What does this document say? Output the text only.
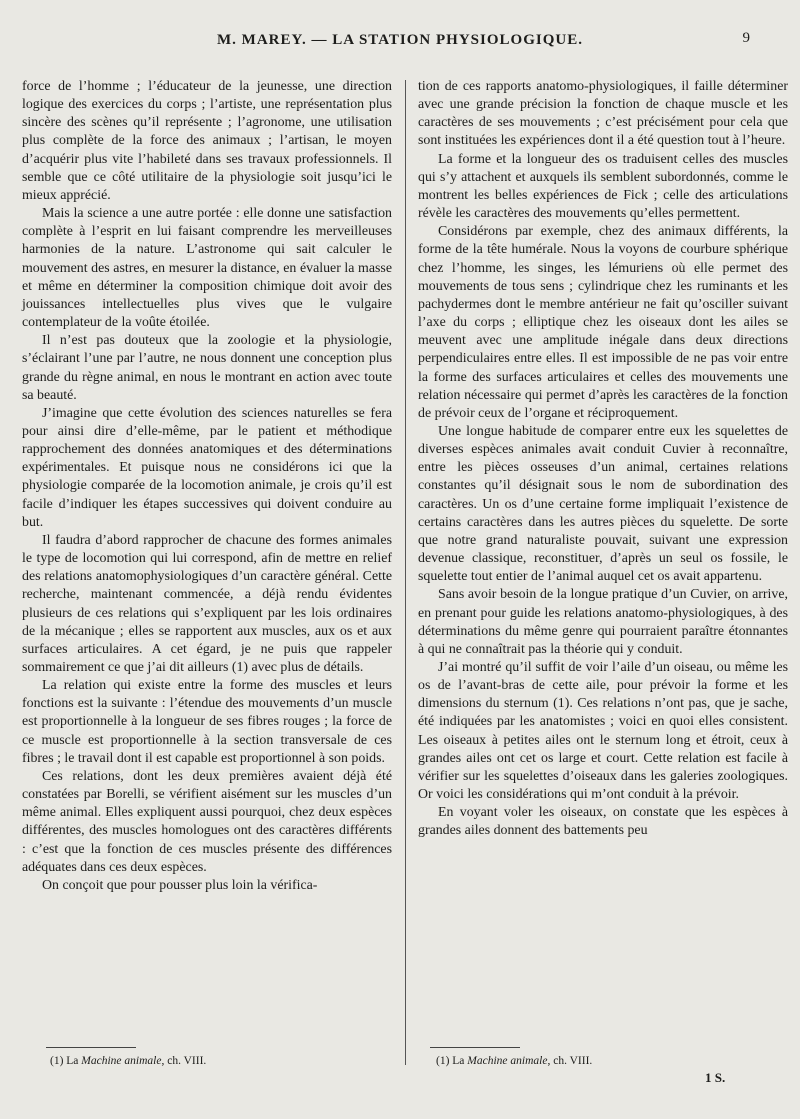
M. MAREY. — LA STATION PHYSIOLOGIQUE.	9

force de l’homme ; l’éducateur de la jeunesse, une direction logique des exercices du corps ; l’artiste, une représentation plus sincère des scènes qu’il représente ; l’agronome, une utilisation plus complète de la force des animaux ; l’artisan, le moyen d’acquérir plus vite l’habileté dans ses travaux professionnels. Il semble que ce côté utilitaire de la physiologie soit jusqu’ici le mieux apprécié.

Mais la science a une autre portée : elle donne une satisfaction complète à l’esprit en lui faisant comprendre les merveilleuses harmonies de la nature. L’astronome qui sait calculer le mouvement des astres, en mesurer la distance, en évaluer la masse et même en déterminer la composition chimique doit avoir des jouissances intellectuelles plus vives que le vulgaire contemplateur de la voûte étoilée.

Il n’est pas douteux que la zoologie et la physiologie, s’éclairant l’une par l’autre, ne nous donnent une conception plus grande du règne animal, en nous le montrant en action avec toute sa beauté.

J’imagine que cette évolution des sciences naturelles se fera pour ainsi dire d’elle-même, par le patient et méthodique rapprochement des données anatomiques et des déterminations expérimentales. Et puisque nous ne considérons ici que la physiologie comparée de la locomotion animale, je crois qu’il est facile d’indiquer les étapes successives qui doivent conduire au but.

Il faudra d’abord rapprocher de chacune des formes animales le type de locomotion qui lui correspond, afin de mettre en relief des relations anatomophysiologiques d’un caractère général. Cette recherche, maintenant commencée, a déjà rendu évidentes plusieurs de ces relations qui s’expliquent par les lois ordinaires de la mécanique ; elles se rapportent aux muscles, aux os et aux surfaces articulaires. A cet égard, je ne puis que rappeler sommairement ce que j’ai dit ailleurs (1) avec plus de détails.

La relation qui existe entre la forme des muscles et leurs fonctions est la suivante : l’étendue des mouvements d’un muscle est proportionnelle à la longueur de ses fibres rouges ; la force de ce muscle est proportionnelle à la section transversale de ces fibres ; le travail dont il est capable est proportionnel à son poids.

Ces relations, dont les deux premières avaient déjà été constatées par Borelli, se vérifient aisément sur les muscles d’un même animal. Elles expliquent aussi pourquoi, chez deux espèces différentes, des muscles homologues ont des caractères différents : c’est que la fonction de ces muscles présente des différences adéquates dans ces deux espèces.

On conçoit que pour pousser plus loin la vérifica-

tion de ces rapports anatomo-physiologiques, il faille déterminer avec une grande précision la fonction de chaque muscle et les caractères de ses mouvements ; c’est précisément pour cela que sont instituées les expériences dont il a été question tout à l’heure.

La forme et la longueur des os traduisent celles des muscles qui s’y attachent et auxquels ils semblent subordonnés, comme le montrent les belles expériences de Fick ; celle des articulations révèle les caractères des mouvements qu’elles permettent.

Considérons par exemple, chez des animaux différents, la forme de la tête humérale. Nous la voyons de courbure sphérique chez l’homme, les singes, les lémuriens où elle permet des mouvements de tous sens ; cylindrique chez les ruminants et les pachydermes dont le membre antérieur ne fait qu’osciller suivant l’axe du corps ; elliptique chez les oiseaux dont les ailes se meuvent avec une amplitude inégale dans deux directions perpendiculaires entre elles. Il est impossible de ne pas voir entre la forme des surfaces articulaires et celles des mouvements une relation nécessaire qui permet d’après les caractères de la fonction de prévoir ceux de l’organe et réciproquement.

Une longue habitude de comparer entre eux les squelettes de diverses espèces animales avait conduit Cuvier à reconnaître, entre les pièces osseuses d’un animal, certaines relations constantes qu’il désignait sous le nom de subordination des caractères. Un os d’une certaine forme impliquait l’existence de certains caractères dans les autres pièces du squelette. De sorte que notre grand naturaliste pouvait, suivant une expression devenue classique, reconstituer, d’après un seul os fossile, le squelette tout entier de l’animal auquel cet os avait appartenu.

Sans avoir besoin de la longue pratique d’un Cuvier, on arrive, en prenant pour guide les relations anatomo-physiologiques, à des déterminations du même genre qui pourraient paraître étonnantes à qui ne connaîtrait pas la théorie qui y conduit.

J’ai montré qu’il suffit de voir l’aile d’un oiseau, ou même les os de l’avant-bras de cette aile, pour prévoir la forme et les dimensions du sternum (1). Ces relations n’ont pas, que je sache, été indiquées par les anatomistes ; voici en quoi elles consistent. Les oiseaux à petites ailes ont le sternum long et étroit, ceux à grandes ailes ont cet os large et court. Cette relation est facile à vérifier sur les squelettes d’oiseaux dans les galeries zoologiques. Or voici les considérations qui m’ont conduit à la prévoir.

En voyant voler les oiseaux, on constate que les espèces à grandes ailes donnent des battements peu

(1) La Machine animale, ch. VIII.	(1) La Machine animale, ch. VIII.
1 S.
